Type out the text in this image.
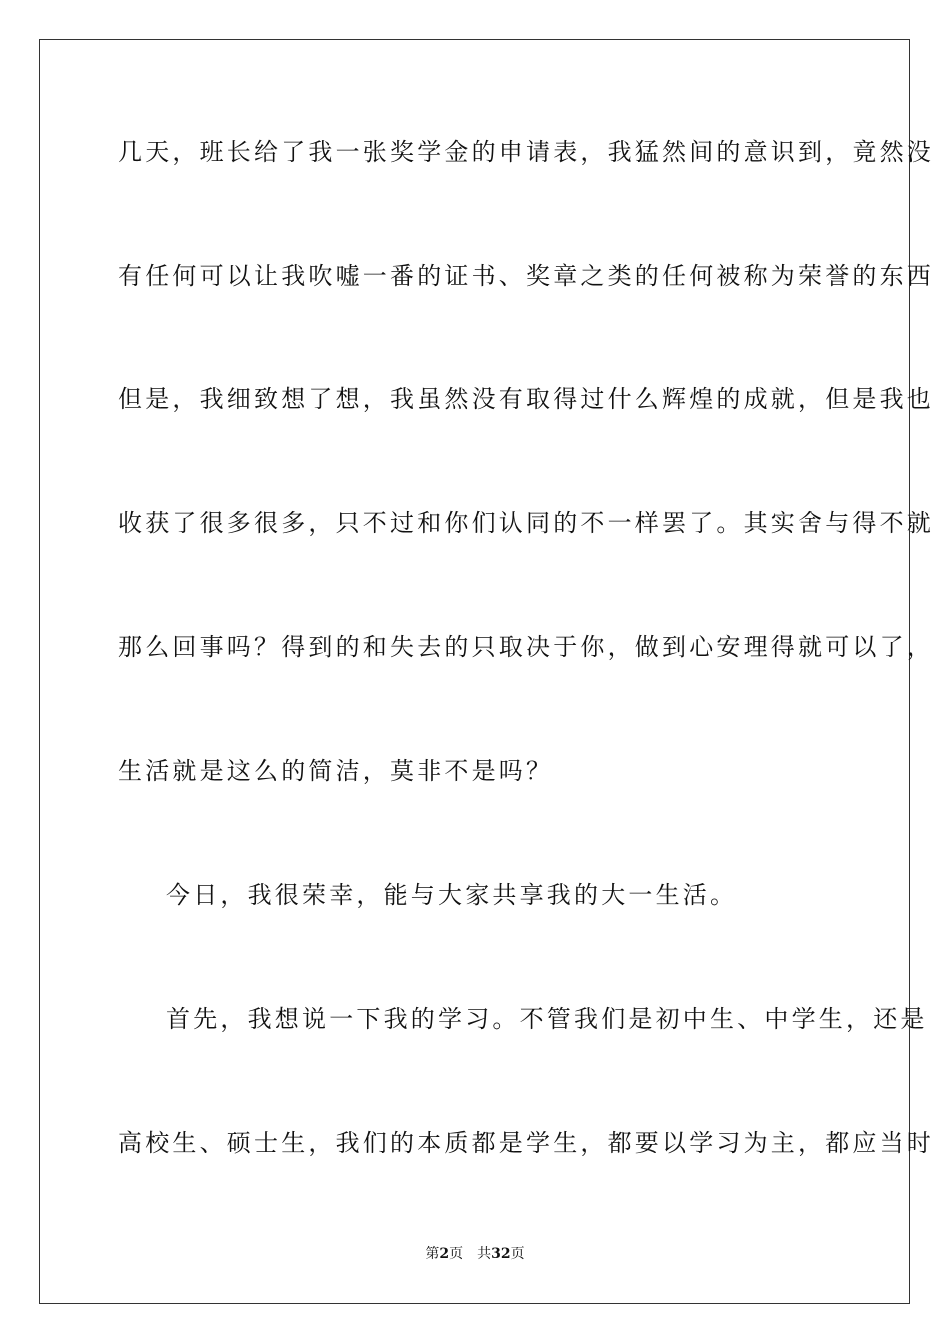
几天，班长给了我一张奖学金的申请表，我猛然间的意识到，竟然没
有任何可以让我吹嘘一番的证书、奖章之类的任何被称为荣誉的东西
但是，我细致想了想，我虽然没有取得过什么辉煌的成就，但是我也
收获了很多很多，只不过和你们认同的不一样罢了。其实舍与得不就
那么回事吗？得到的和失去的只取决于你，做到心安理得就可以了，
生活就是这么的简洁，莫非不是吗？
今日，我很荣幸，能与大家共享我的大一生活。
首先，我想说一下我的学习。不管我们是初中生、中学生，还是
高校生、硕士生，我们的本质都是学生，都要以学习为主，都应当时
第2页 共32页
